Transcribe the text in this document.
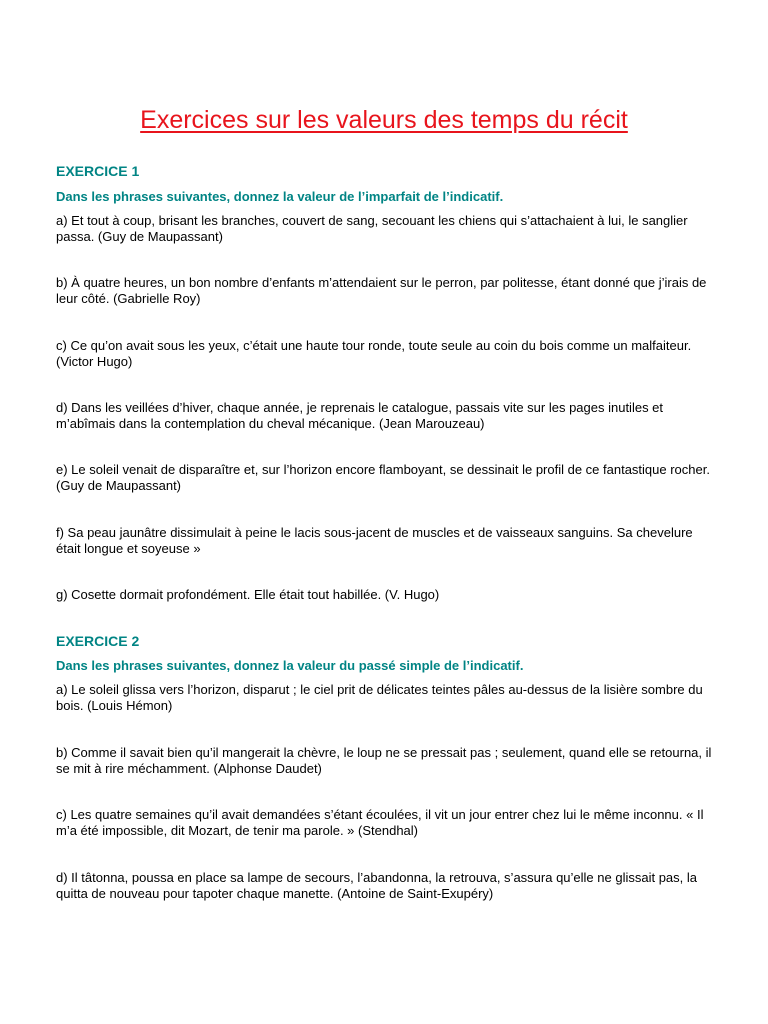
Exercices sur les valeurs des temps du récit

EXERCICE 1

Dans les phrases suivantes, donnez la valeur de l’imparfait de l’indicatif.

a) Et tout à coup, brisant les branches, couvert de sang, secouant les chiens qui s’attachaient à lui, le sanglier passa. (Guy de Maupassant)

b) À quatre heures, un bon nombre d’enfants m’attendaient sur le perron, par politesse, étant donné que j’irais de leur côté. (Gabrielle Roy)

c) Ce qu’on avait sous les yeux, c’était une haute tour ronde, toute seule au coin du bois comme un malfaiteur. (Victor Hugo)

d) Dans les veillées d’hiver, chaque année, je reprenais le catalogue, passais vite sur les pages inutiles et m’abîmais dans la contemplation du cheval mécanique. (Jean Marouzeau)

e) Le soleil venait de disparaître et, sur l’horizon encore flamboyant, se dessinait le profil de ce fantastique rocher. (Guy de Maupassant)

f) Sa peau jaunâtre dissimulait à peine le lacis sous-jacent de muscles et de vaisseaux sanguins. Sa chevelure était longue et soyeuse »

g) Cosette dormait profondément. Elle était tout habillée. (V. Hugo)

EXERCICE 2

Dans les phrases suivantes, donnez la valeur du passé simple de l’indicatif.

a) Le soleil glissa vers l’horizon, disparut ; le ciel prit de délicates teintes pâles au-dessus de la lisière sombre du bois. (Louis Hémon)

b) Comme il savait bien qu’il mangerait la chèvre, le loup ne se pressait pas ; seulement, quand elle se retourna, il se mit à rire méchamment. (Alphonse Daudet)

c) Les quatre semaines qu’il avait demandées s’étant écoulées, il vit un jour entrer chez lui le même inconnu. « Il m’a été impossible, dit Mozart, de tenir ma parole. » (Stendhal)

d) Il tâtonna, poussa en place sa lampe de secours, l’abandonna, la retrouva, s’assura qu’elle ne glissait pas, la quitta de nouveau pour tapoter chaque manette. (Antoine de Saint-Exupéry)
